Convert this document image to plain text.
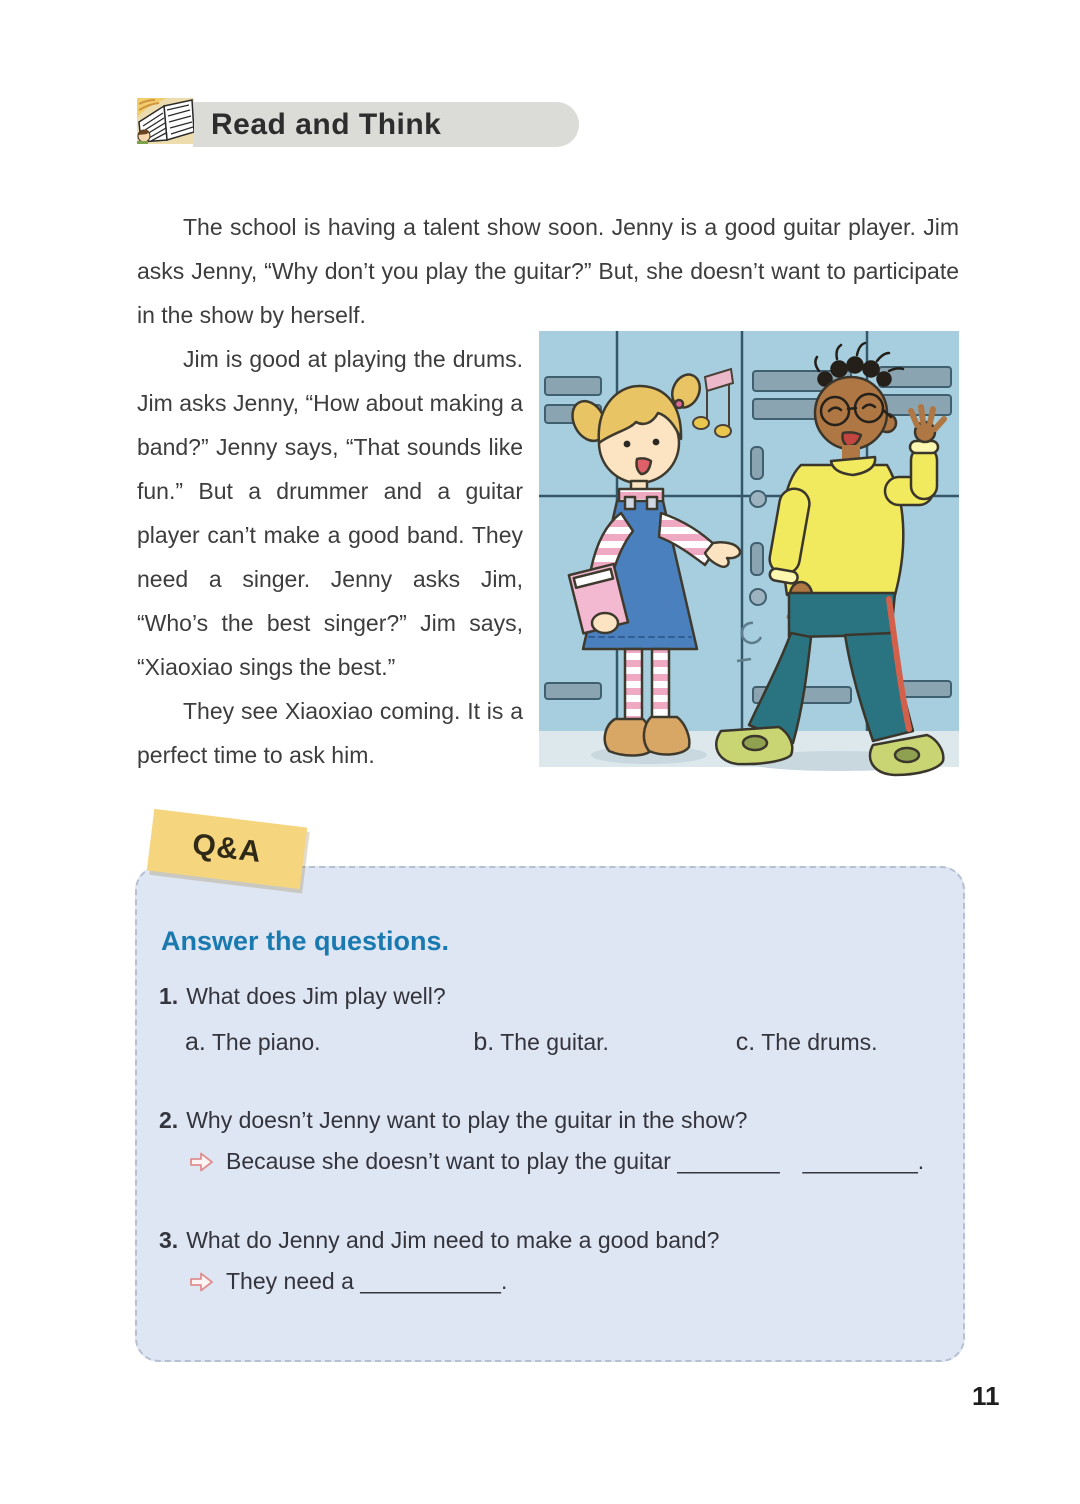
Read and Think

The school is having a talent show soon. Jenny is a good guitar player. Jim asks Jenny, “Why don’t you play the guitar?” But, she doesn’t want to participate in the show by herself.

Jim is good at playing the drums. Jim asks Jenny, “How about making a band?” Jenny says, “That sounds like fun.” But a drummer and a guitar player can’t make a good band. They need a singer. Jenny asks Jim, “Who’s the best singer?” Jim says, “Xiaoxiao sings the best.”

They see Xiaoxiao coming. It is a perfect time to ask him.

Answer the questions.

1. What does Jim play well?

a. The piano.	b. The guitar.	c. The drums.

2. Why doesn’t Jenny want to play the guitar in the show?

Because she doesn’t want to play the guitar ________ _________.

3. What do Jenny and Jim need to make a good band?

They need a ___________.
Q&A
11
